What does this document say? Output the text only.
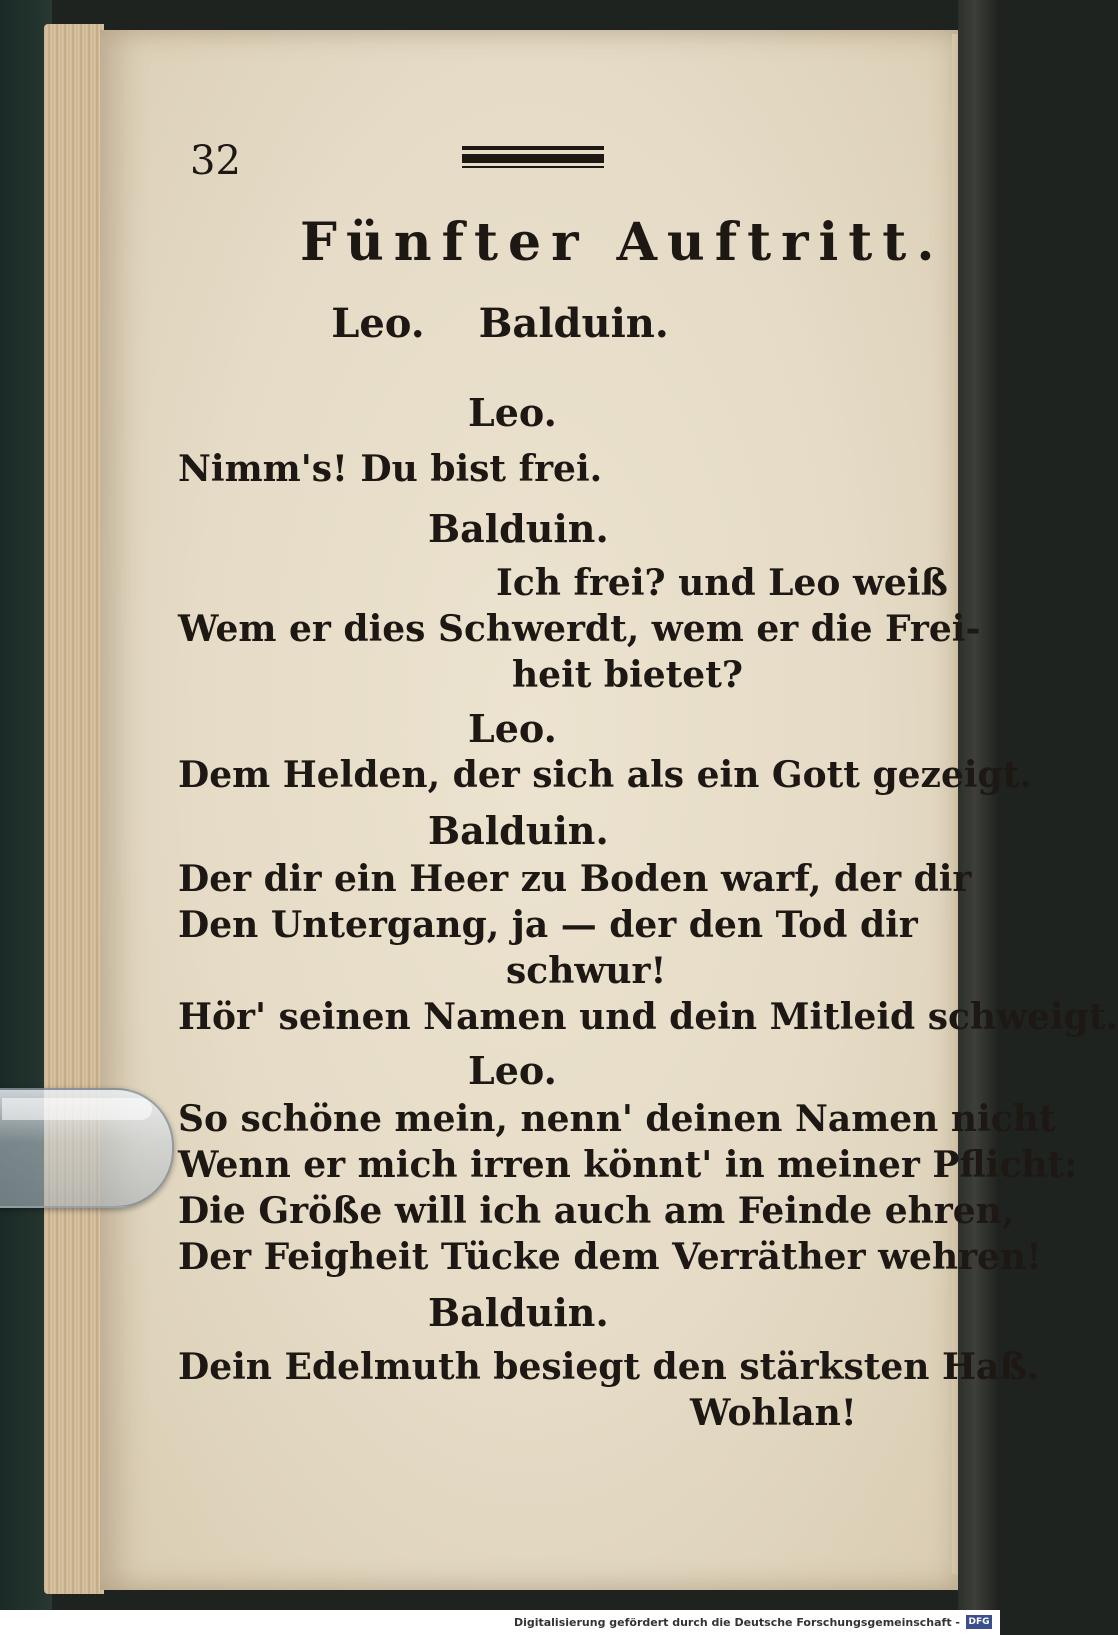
32
Fünfter Auftritt.
Leo. Balduin.
Leo.
Nimm's! Du bist frei.
Balduin.
Ich frei? und Leo weiß
Wem er dies Schwerdt, wem er die Frei-
heit bietet?
Leo.
Dem Helden, der sich als ein Gott gezeigt.
Balduin.
Der dir ein Heer zu Boden warf, der dir
Den Untergang, ja — der den Tod dir
schwur!
Hör' seinen Namen und dein Mitleid schweigt.
Leo.
So schöne mein, nenn' deinen Namen nicht
Wenn er mich irren könnt' in meiner Pflicht:
Die Größe will ich auch am Feinde ehren,
Der Feigheit Tücke dem Verräther wehren!
Balduin.
Dein Edelmuth besiegt den stärksten Haß.
Wohlan!
Digitalisierung gefördert durch die Deutsche Forschungsgemeinschaft - DFG
